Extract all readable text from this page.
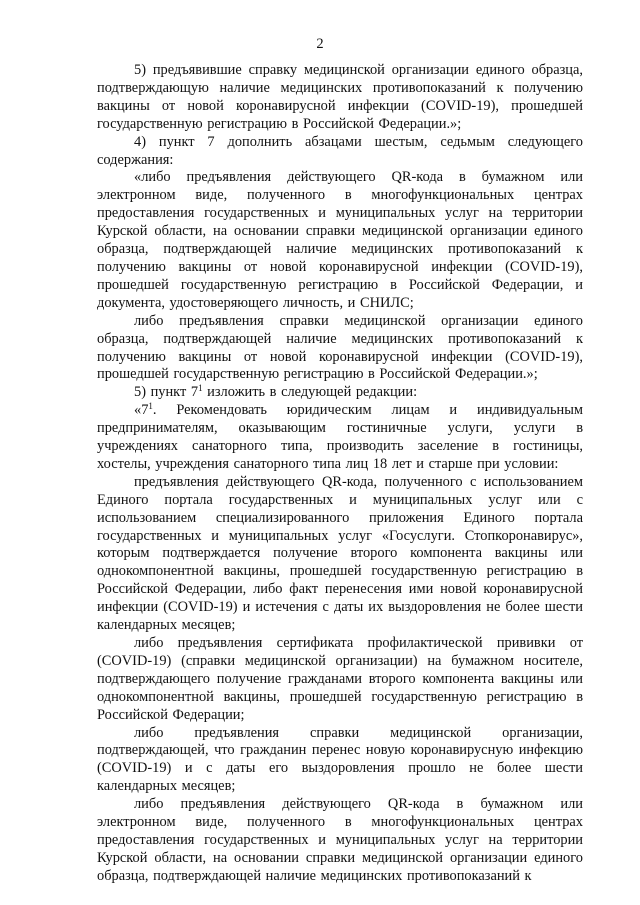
2

5) предъявившие справку медицинской организации единого образца, подтверждающую наличие медицинских противопоказаний к получению вакцины от новой коронавирусной инфекции (COVID-19), прошедшей государственную регистрацию в Российской Федерации.»;

4) пункт 7 дополнить абзацами шестым, седьмым следующего содержания:

«либо предъявления действующего QR-кода в бумажном или электронном виде, полученного в многофункциональных центрах предоставления государственных и муниципальных услуг на территории Курской области, на основании справки медицинской организации единого образца, подтверждающей наличие медицинских противопоказаний к получению вакцины от новой коронавирусной инфекции (COVID-19), прошедшей государственную регистрацию в Российской Федерации, и документа, удостоверяющего личность, и СНИЛС;

либо предъявления справки медицинской организации единого образца, подтверждающей наличие медицинских противопоказаний к получению вакцины от новой коронавирусной инфекции (COVID-19), прошедшей государственную регистрацию в Российской Федерации.»;

5) пункт $7^1$ изложить в следующей редакции:

«$7^1$. Рекомендовать юридическим лицам и индивидуальным предпринимателям, оказывающим гостиничные услуги, услуги в учреждениях санаторного типа, производить заселение в гостиницы, хостелы, учреждения санаторного типа лиц 18 лет и старше при условии:

предъявления действующего QR-кода, полученного с использованием Единого портала государственных и муниципальных услуг или с использованием специализированного приложения Единого портала государственных и муниципальных услуг «Госуслуги. Стопкоронавирус», которым подтверждается получение второго компонента вакцины или однокомпонентной вакцины, прошедшей государственную регистрацию в Российской Федерации, либо факт перенесения ими новой коронавирусной инфекции (COVID-19) и истечения с даты их выздоровления не более шести календарных месяцев;

либо предъявления сертификата профилактической прививки от (COVID-19) (справки медицинской организации) на бумажном носителе, подтверждающего получение гражданами второго компонента вакцины или однокомпонентной вакцины, прошедшей государственную регистрацию в Российской Федерации;

либо предъявления справки медицинской организации, подтверждающей, что гражданин перенес новую коронавирусную инфекцию (COVID-19) и с даты его выздоровления прошло не более шести календарных месяцев;

либо предъявления действующего QR-кода в бумажном или электронном виде, полученного в многофункциональных центрах предоставления государственных и муниципальных услуг на территории Курской области, на основании справки медицинской организации единого образца, подтверждающей наличие медицинских противопоказаний к
